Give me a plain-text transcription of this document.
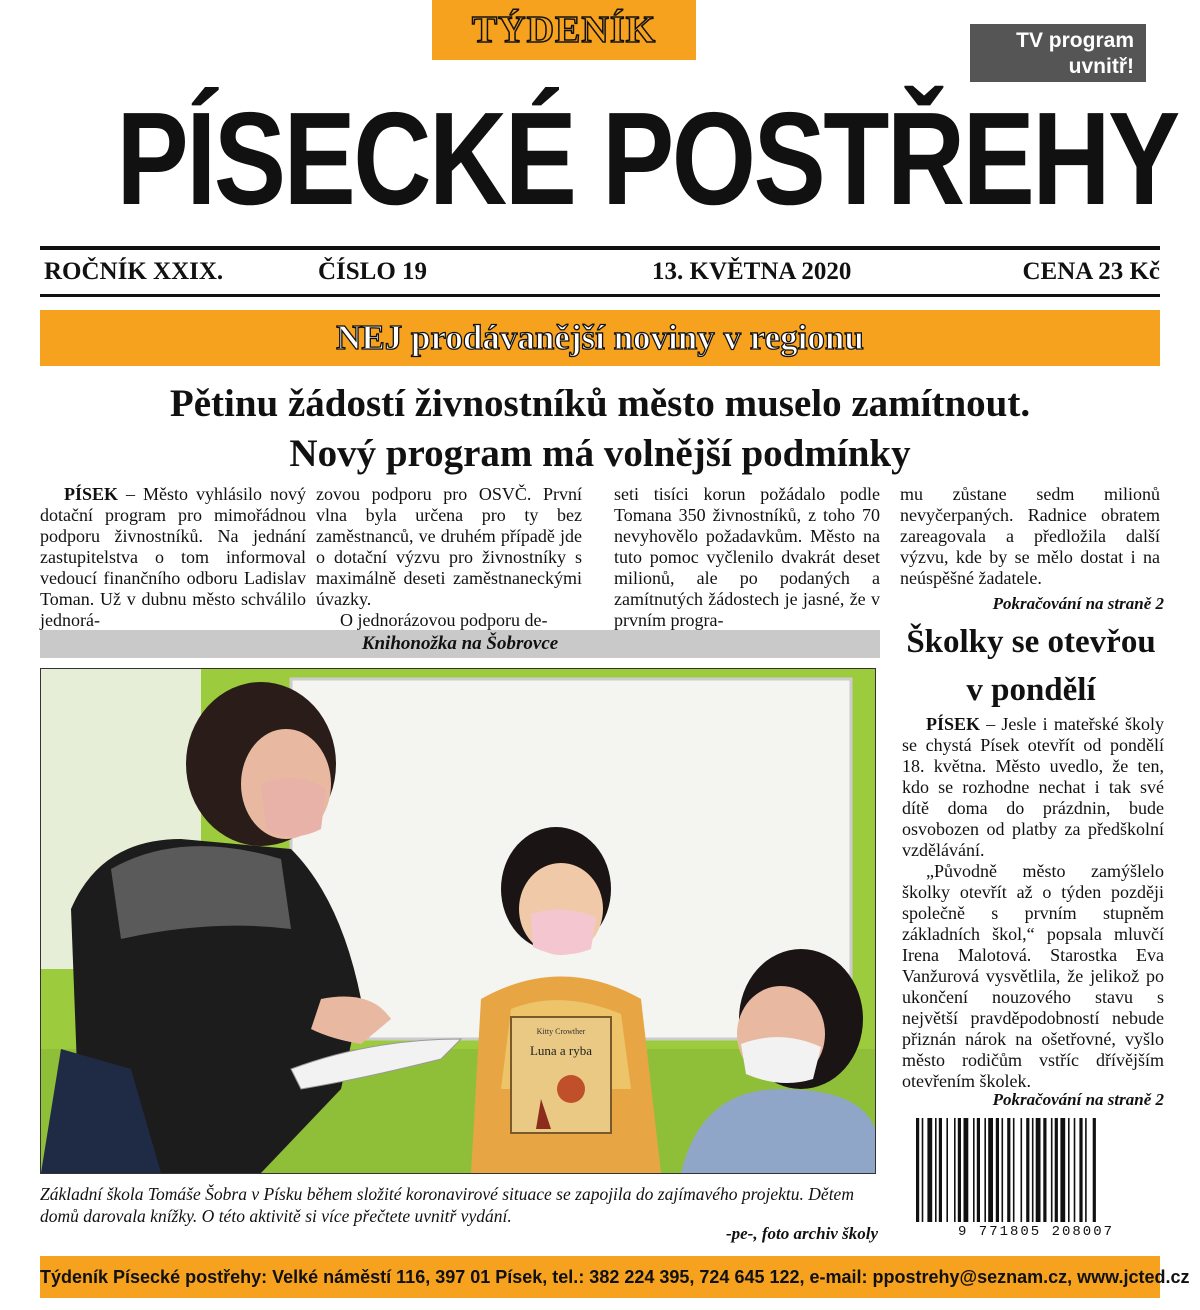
TÝDENÍK	TV program
uvnitř!
PÍSECKÉ POSTŘEHY
ROČNÍK XXIX.	ČÍSLO 19	13. KVĚTNA 2020	CENA 23 Kč
NEJ prodávanější noviny v regionu
Pětinu žádostí živnostníků město muselo zamítnout.
Nový program má volnější podmínky

PÍSEK – Město vyhlásilo nový dotační program pro mimořádnou podporu živnostníků. Na jednání zastupitelstva o tom informoval vedoucí finančního odboru Ladislav Toman. Už v dubnu město schválilo jednorá-

zovou podporu pro OSVČ. První vlna byla určena pro ty bez zaměstnanců, ve druhém případě jde o dotační výzvu pro živnostníky s maximálně deseti zaměstnaneckými úvazky.

O jednorázovou podporu de-

seti tisíci korun požádalo podle Tomana 350 živnostníků, z toho 70 nevyhovělo požadavkům. Město na tuto pomoc vyčlenilo dvakrát deset milionů, ale po podaných a zamítnutých žádostech je jasné, že v prvním progra-

mu zůstane sedm milionů nevyčerpaných. Radnice obratem zareagovala a předložila další výzvu, kde by se mělo dostat i na neúspěšné žadatele.

Pokračování na straně 2
Knihonožka na Šobrovce
Kitty Crowther
Luna a ryba
Základní škola Tomáše Šobra v Písku během složité koronavirové situace se zapojila do zajímavého projektu. Dětem domů darovala knížky. O této aktivitě si více přečtete uvnitř vydání.
-pe-, foto archiv školy
Školky se otevřou
v pondělí

PÍSEK – Jesle i mateřské školy se chystá Písek otevřít od pondělí 18. května. Město uvedlo, že ten, kdo se rozhodne nechat i tak své dítě doma do prázdnin, bude osvobozen od platby za předškolní vzdělávání.

„Původně město zamýšlelo školky otevřít až o týden později společně s prvním stupněm základních škol,“ popsala mluvčí Irena Malotová. Starostka Eva Vanžurová vysvětlila, že jelikož po ukončení nouzového stavu s největší pravděpodobností nebude přiznán nárok na ošetřovné, vyšlo město rodičům vstříc dřívějším otevřením školek.

Pokračování na straně 2
9 771805 208007
Týdeník Písecké postřehy: Velké náměstí 116, 397 01 Písek, tel.: 382 224 395, 724 645 122, e-mail: ppostrehy@seznam.cz, www.jcted.cz
